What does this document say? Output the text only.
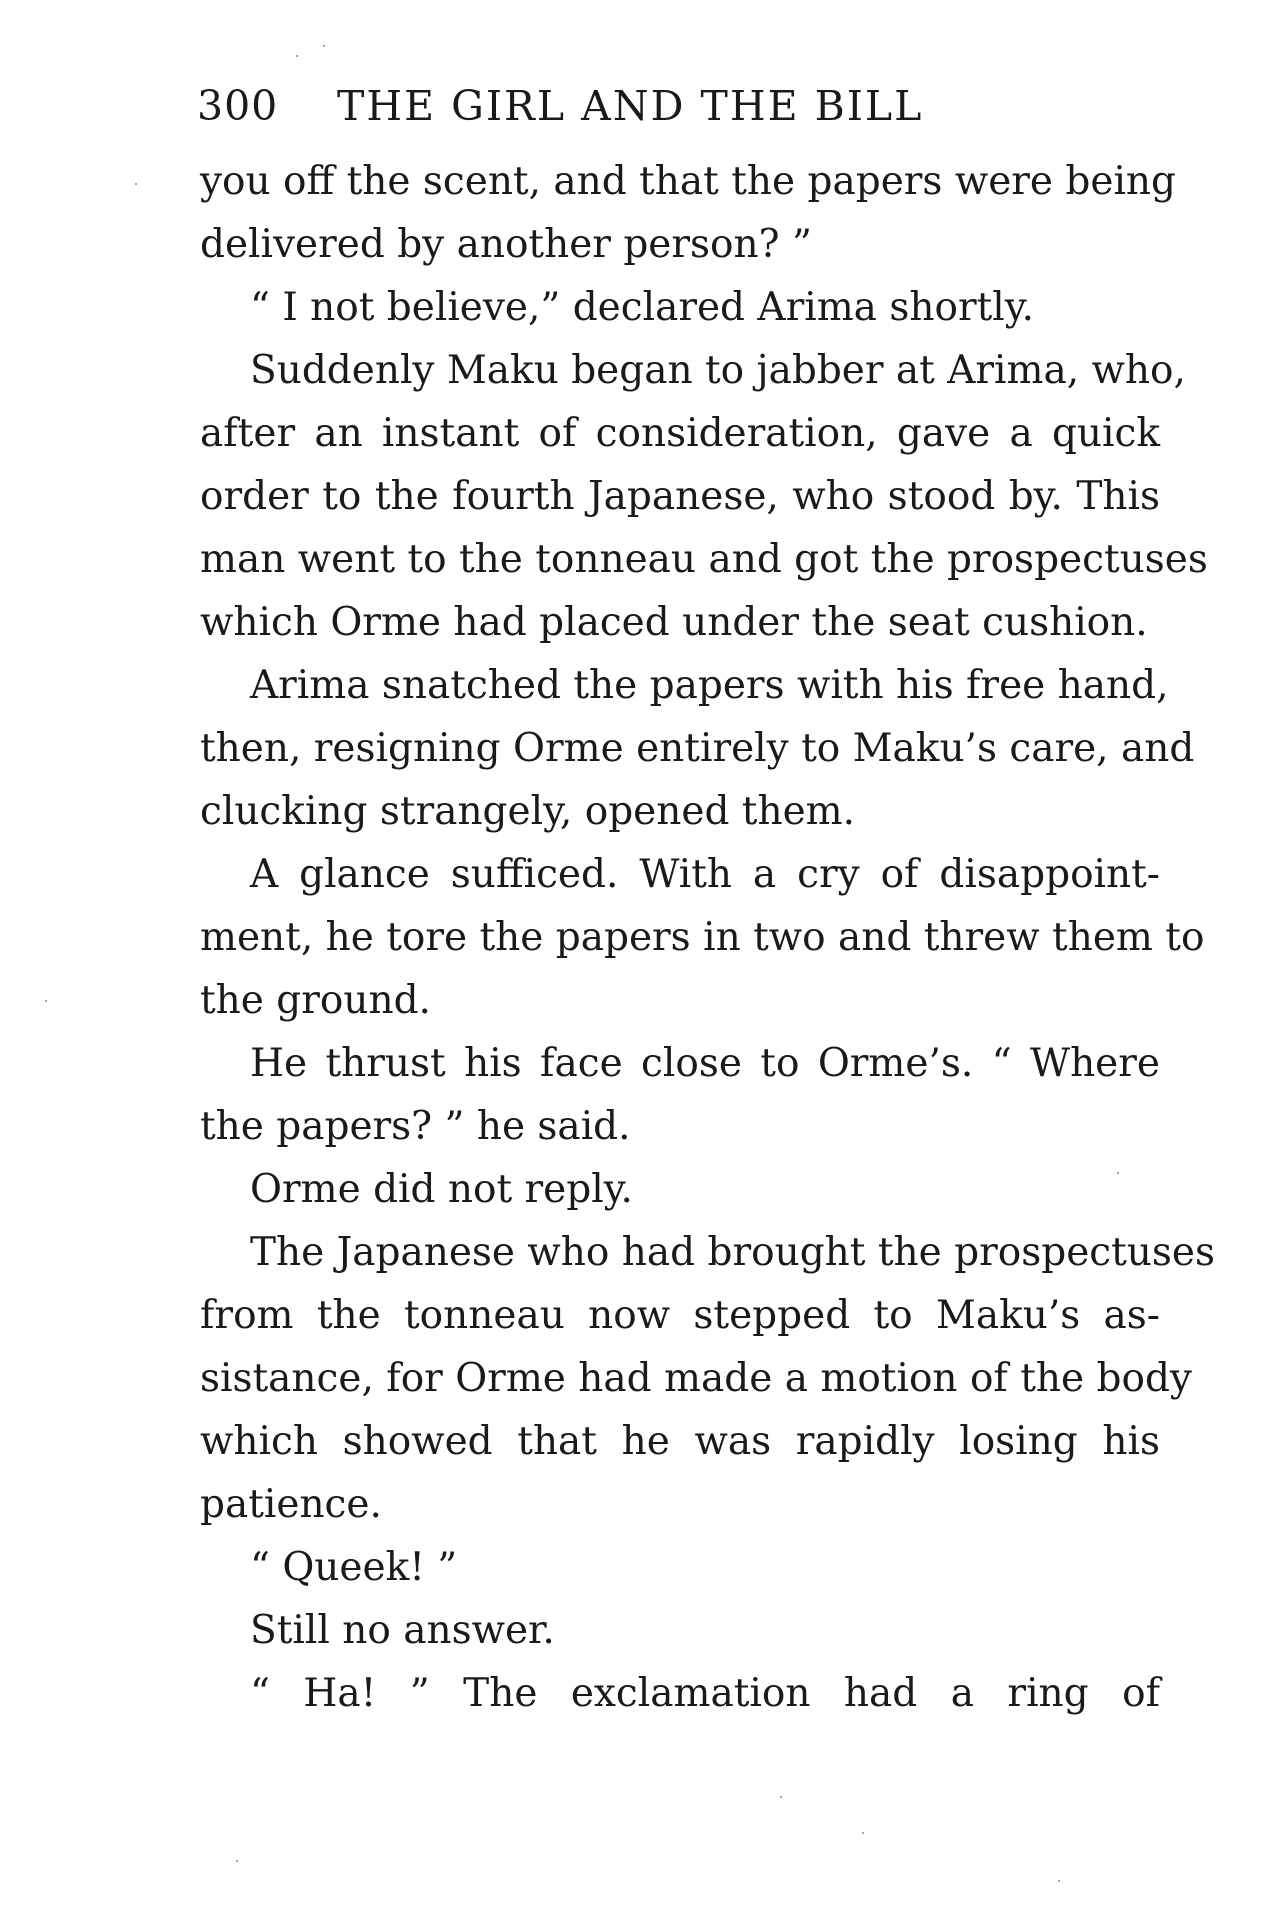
300 THE GIRL AND THE BILL
you off the scent, and that the papers were being
delivered by another person? ”
“ I not believe,” declared Arima shortly.
Suddenly Maku began to jabber at Arima, who,
after an instant of consideration, gave a quick
order to the fourth Japanese, who stood by. This
man went to the tonneau and got the prospectuses
which Orme had placed under the seat cushion.
Arima snatched the papers with his free hand,
then, resigning Orme entirely to Maku’s care, and
clucking strangely, opened them.
A glance sufficed. With a cry of disappoint-
ment, he tore the papers in two and threw them to
the ground.
He thrust his face close to Orme’s. “ Where
the papers? ” he said.
Orme did not reply.
The Japanese who had brought the prospectuses
from the tonneau now stepped to Maku’s as-
sistance, for Orme had made a motion of the body
which showed that he was rapidly losing his
patience.
“ Queek! ”
Still no answer.
“ Ha! ” The exclamation had a ring of
